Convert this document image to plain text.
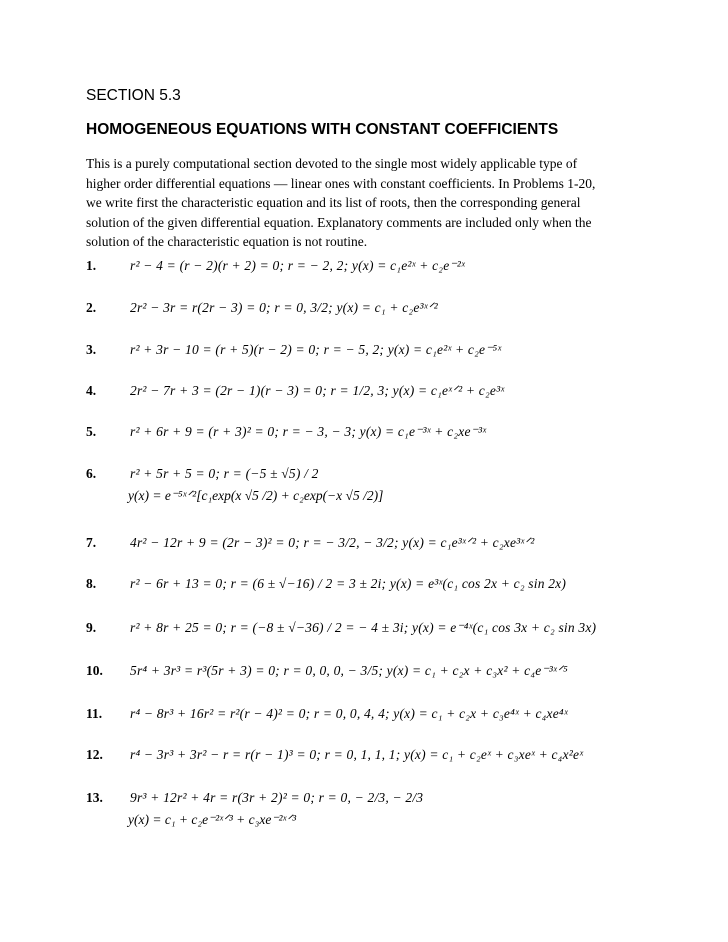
SECTION 5.3
HOMOGENEOUS EQUATIONS WITH CONSTANT COEFFICIENTS
This is a purely computational section devoted to the single most widely applicable type of
higher order differential equations — linear ones with constant coefficients. In Problems 1-20,
we write first the characteristic equation and its list of roots, then the corresponding general
solution of the given differential equation. Explanatory comments are included only when the
solution of the characteristic equation is not routine.
1.	r² − 4 = (r − 2)(r + 2) = 0; r = − 2, 2; y(x) = c₁e²ˣ + c₂e⁻²ˣ
2.	2r² − 3r = r(2r − 3) = 0; r = 0, 3/2; y(x) = c₁ + c₂e³ˣᐟ²
3.	r² + 3r − 10 = (r + 5)(r − 2) = 0; r = − 5, 2; y(x) = c₁e²ˣ + c₂e⁻⁵ˣ
4.	2r² − 7r + 3 = (2r − 1)(r − 3) = 0; r = 1/2, 3; y(x) = c₁eˣᐟ² + c₂e³ˣ
5.	r² + 6r + 9 = (r + 3)² = 0; r = − 3, − 3; y(x) = c₁e⁻³ˣ + c₂xe⁻³ˣ
6.	r² + 5r + 5 = 0; r = (−5 ± √5) / 2
y(x) = e⁻⁵ˣᐟ²[c₁exp(x √5 /2) + c₂exp(−x √5 /2)]
7.	4r² − 12r + 9 = (2r − 3)² = 0; r = − 3/2, − 3/2; y(x) = c₁e³ˣᐟ² + c₂xe³ˣᐟ²
8.	r² − 6r + 13 = 0; r = (6 ± √−16) / 2 = 3 ± 2i; y(x) = e³ˣ(c₁ cos 2x + c₂ sin 2x)
9.	r² + 8r + 25 = 0; r = (−8 ± √−36) / 2 = − 4 ± 3i; y(x) = e⁻⁴ˣ(c₁ cos 3x + c₂ sin 3x)
10. 5r⁴ + 3r³ = r³(5r + 3) = 0; r = 0, 0, 0, − 3/5; y(x) = c₁ + c₂x + c₃x² + c₄e⁻³ˣᐟ⁵
11. r⁴ − 8r³ + 16r² = r²(r − 4)² = 0; r = 0, 0, 4, 4; y(x) = c₁ + c₂x + c₃e⁴ˣ + c₄xe⁴ˣ
12. r⁴ − 3r³ + 3r² − r = r(r − 1)³ = 0; r = 0, 1, 1, 1; y(x) = c₁ + c₂eˣ + c₃xeˣ + c₄x²eˣ
13. 9r³ + 12r² + 4r = r(3r + 2)² = 0; r = 0, − 2/3, − 2/3
y(x) = c₁ + c₂e⁻²ˣᐟ³ + c₃xe⁻²ˣᐟ³
